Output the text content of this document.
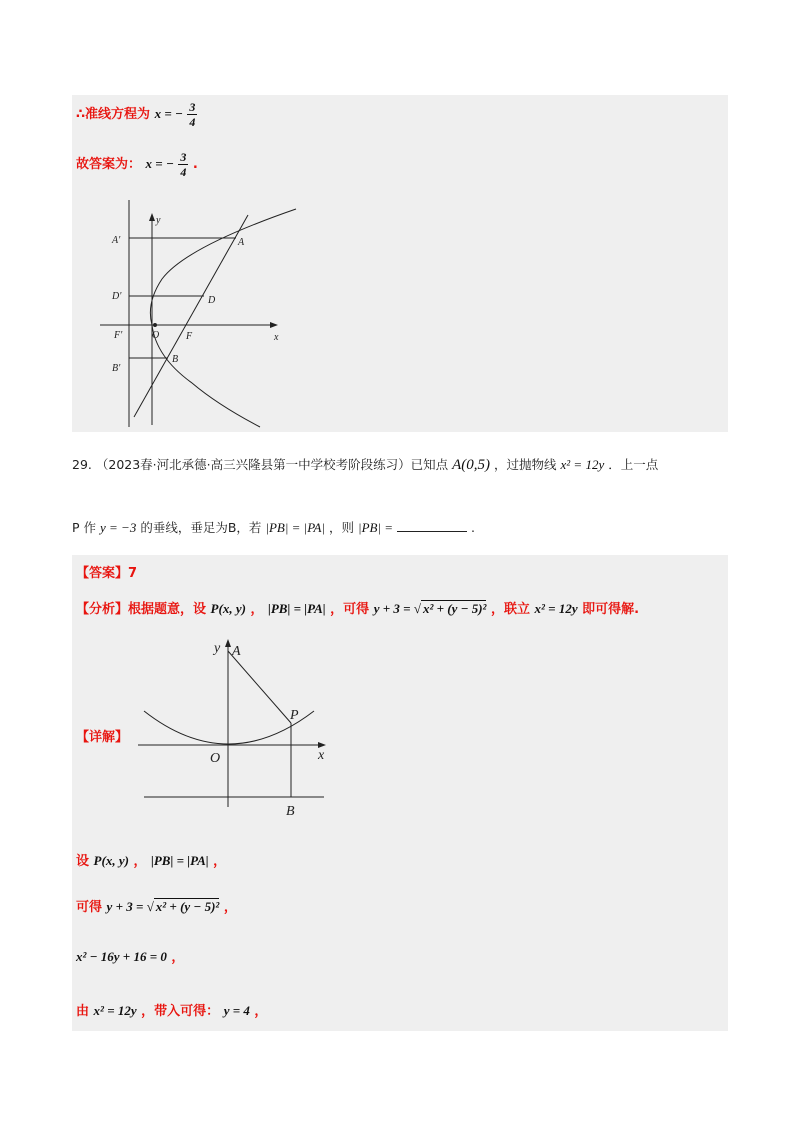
∴准线方程为 x = − $\frac{3}{4}$
故答案为： x = − $\frac{3}{4}$ .
y
x
A'	A
D'	D
F'	O	F
B'
B
29. （2023春·河北承德·高三兴隆县第一中学校考阶段练习）已知点 A(0,5) ，过抛物线 x² = 12y ．上一点
P 作 y = −3 的垂线，垂足为B，若 |PB| = |PA| ，则 |PB| =	.
【答案】7
【分析】根据题意，设 P(x, y) ， |PB| = |PA| ，可得 y + 3 = √ x² + (y − 5)² ，联立 x² = 12y 即可得解.
【详解】
y A
P
O	x
B
设 P(x, y) ， |PB| = |PA| ，
可得 y + 3 = √ x² + (y − 5)² ，
x² − 16y + 16 = 0 ，
由 x² = 12y ，带入可得： y = 4 ，
